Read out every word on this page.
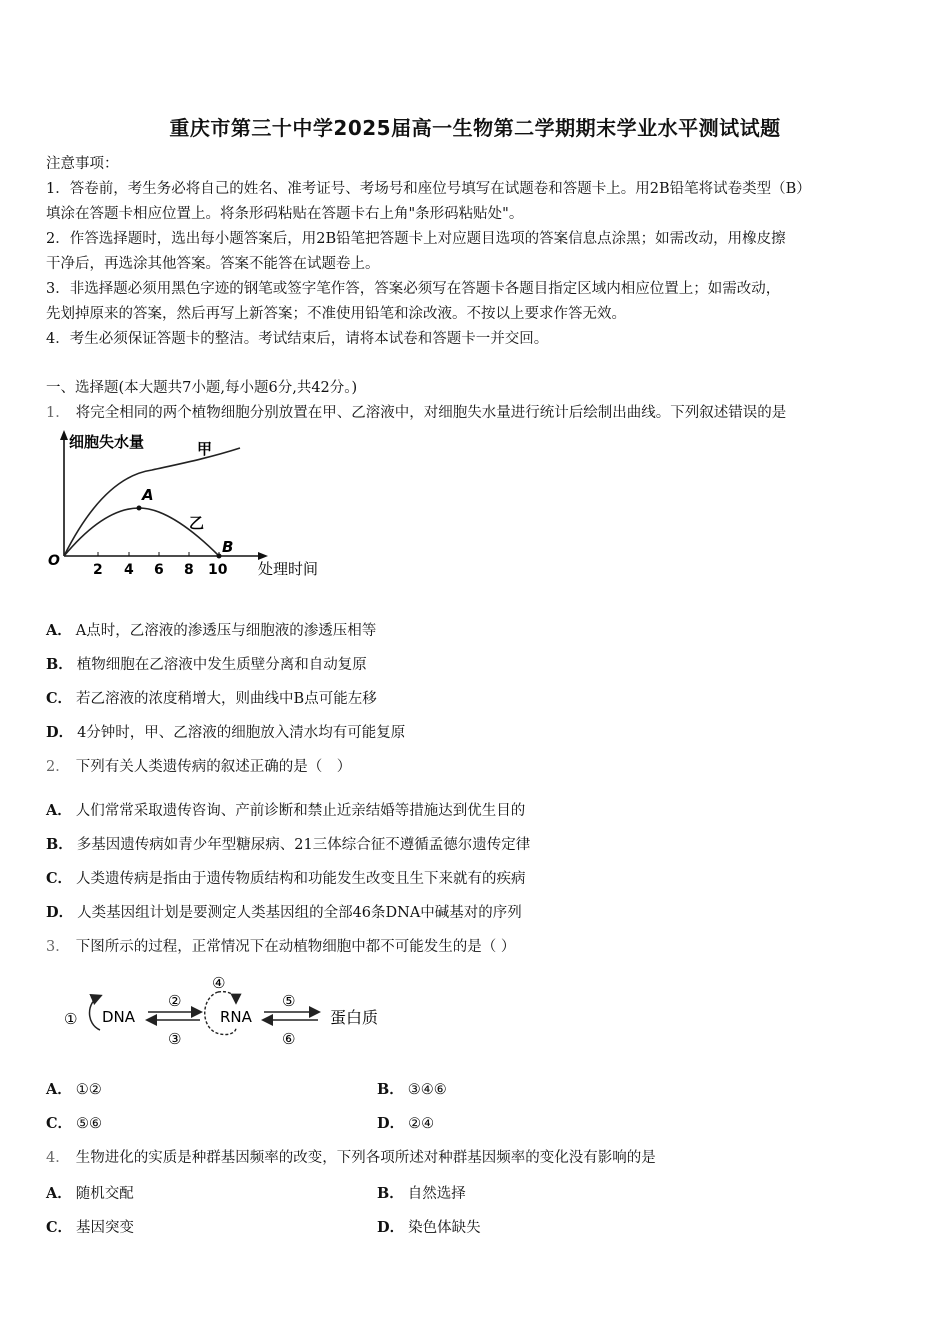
重庆市第三十中学2025届高一生物第二学期期末学业水平测试试题
注意事项：
1．答卷前，考生务必将自己的姓名、准考证号、考场号和座位号填写在试题卷和答题卡上。用2B铅笔将试卷类型（B）
填涂在答题卡相应位置上。将条形码粘贴在答题卡右上角"条形码粘贴处"。
2．作答选择题时，选出每小题答案后，用2B铅笔把答题卡上对应题目选项的答案信息点涂黑；如需改动，用橡皮擦
干净后，再选涂其他答案。答案不能答在试题卷上。
3．非选择题必须用黑色字迹的钢笔或签字笔作答，答案必须写在答题卡各题目指定区域内相应位置上；如需改动，
先划掉原来的答案，然后再写上新答案；不准使用铅笔和涂改液。不按以上要求作答无效。
4．考生必须保证答题卡的整洁。考试结束后，请将本试卷和答题卡一并交回。
一、选择题(本大题共7小题,每小题6分,共42分。)
1． 将完全相同的两个植物细胞分别放置在甲、乙溶液中，对细胞失水量进行统计后绘制出曲线。下列叙述错误的是
细胞失水量
处理时间
O
2 4 6 8 10
甲
乙
A
B
A． A点时，乙溶液的渗透压与细胞液的渗透压相等
B． 植物细胞在乙溶液中发生质壁分离和自动复原
C． 若乙溶液的浓度稍增大，则曲线中B点可能左移
D． 4分钟时，甲、乙溶液的细胞放入清水均有可能复原
2． 下列有关人类遗传病的叙述正确的是（　）
A． 人们常常采取遗传咨询、产前诊断和禁止近亲结婚等措施达到优生目的
B． 多基因遗传病如青少年型糖尿病、21三体综合征不遵循孟德尔遗传定律
C． 人类遗传病是指由于遗传物质结构和功能发生改变且生下来就有的疾病
D． 人类基因组计划是要测定人类基因组的全部46条DNA中碱基对的序列
3． 下图所示的过程，正常情况下在动植物细胞中都不可能发生的是（ ）
① DNA
②
③
④
RNA
⑤
⑥
蛋白质
A． ①②	B． ③④⑥
C． ⑤⑥	D． ②④
4． 生物进化的实质是种群基因频率的改变，下列各项所述对种群基因频率的变化没有影响的是
A． 随机交配	B． 自然选择
C． 基因突变	D． 染色体缺失
